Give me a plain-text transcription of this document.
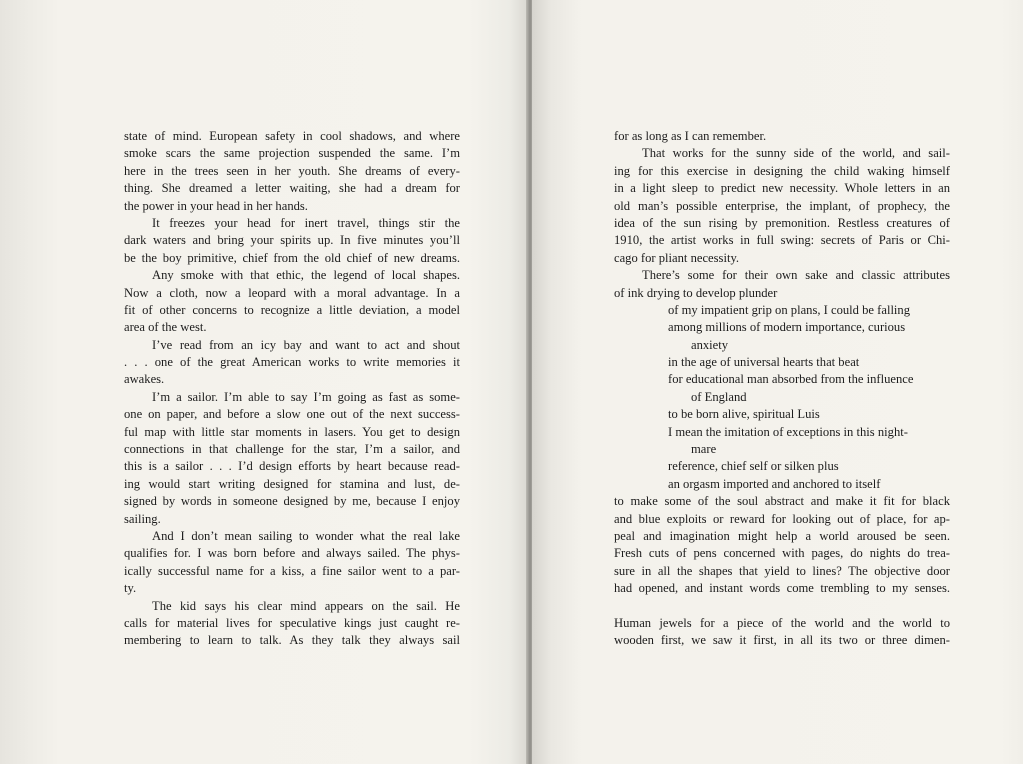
state of mind. European safety in cool shadows, and where
smoke scars the same projection suspended the same. I’m
here in the trees seen in her youth. She dreams of every-
thing. She dreamed a letter waiting, she had a dream for
the power in your head in her hands.
It freezes your head for inert travel, things stir the
dark waters and bring your spirits up. In five minutes you’ll
be the boy primitive, chief from the old chief of new dreams.
Any smoke with that ethic, the legend of local shapes.
Now a cloth, now a leopard with a moral advantage. In a
fit of other concerns to recognize a little deviation, a model
area of the west.
I’ve read from an icy bay and want to act and shout
. . . one of the great American works to write memories it
awakes.
I’m a sailor. I’m able to say I’m going as fast as some-
one on paper, and before a slow one out of the next success-
ful map with little star moments in lasers. You get to design
connections in that challenge for the star, I’m a sailor, and
this is a sailor . . . I’d design efforts by heart because read-
ing would start writing designed for stamina and lust, de-
signed by words in someone designed by me, because I enjoy
sailing.
And I don’t mean sailing to wonder what the real lake
qualifies for. I was born before and always sailed. The phys-
ically successful name for a kiss, a fine sailor went to a par-
ty.
The kid says his clear mind appears on the sail. He
calls for material lives for speculative kings just caught re-
membering to learn to talk. As they talk they always sail
for as long as I can remember.
That works for the sunny side of the world, and sail-
ing for this exercise in designing the child waking himself
in a light sleep to predict new necessity. Whole letters in an
old man’s possible enterprise, the implant, of prophecy, the
idea of the sun rising by premonition. Restless creatures of
1910, the artist works in full swing: secrets of Paris or Chi-
cago for pliant necessity.
There’s some for their own sake and classic attributes
of ink drying to develop plunder
of my impatient grip on plans, I could be falling
among millions of modern importance, curious
anxiety
in the age of universal hearts that beat
for educational man absorbed from the influence
of England
to be born alive, spiritual Luis
I mean the imitation of exceptions in this night-
mare
reference, chief self or silken plus
an orgasm imported and anchored to itself
to make some of the soul abstract and make it fit for black
and blue exploits or reward for looking out of place, for ap-
peal and imagination might help a world aroused be seen.
Fresh cuts of pens concerned with pages, do nights do trea-
sure in all the shapes that yield to lines? The objective door
had opened, and instant words come trembling to my senses.
Human jewels for a piece of the world and the world to
wooden first, we saw it first, in all its two or three dimen-
